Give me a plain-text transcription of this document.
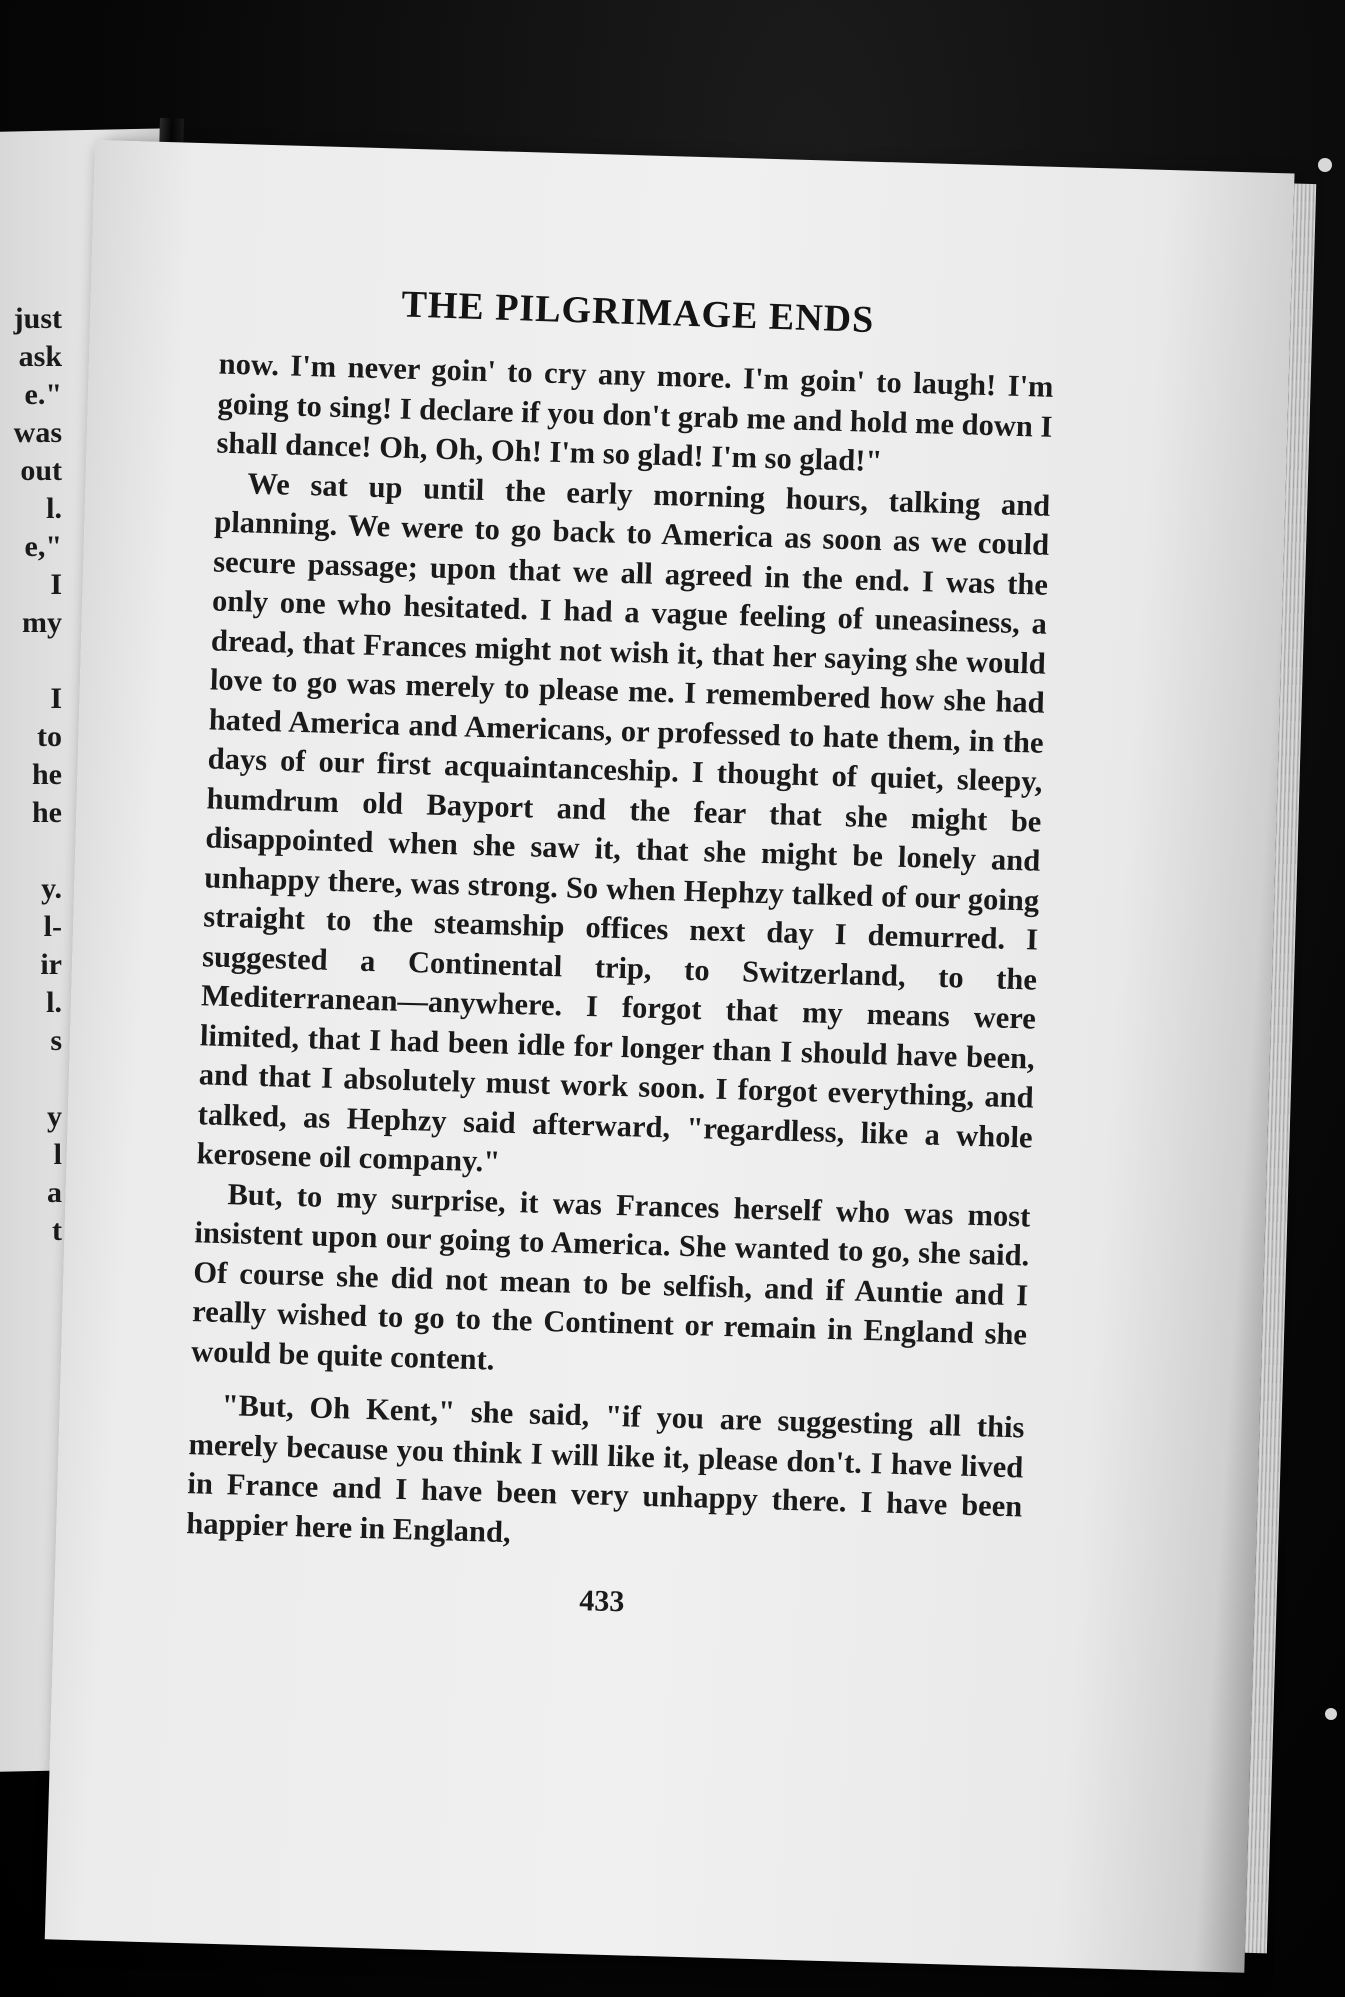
just
ask
e."
was
out
l.
e,"
I
my
I
to
he
he
y.
l-
ir
l.
s
y
l
a
t
THE PILGRIMAGE ENDS

now. I'm never goin' to cry any more. I'm goin' to laugh! I'm going to sing! I declare if you don't grab me and hold me down I shall dance! Oh, Oh, Oh! I'm so glad! I'm so glad!"

We sat up until the early morning hours, talking and planning. We were to go back to America as soon as we could secure passage; upon that we all agreed in the end. I was the only one who hesitated. I had a vague feeling of uneasiness, a dread, that Frances might not wish it, that her saying she would love to go was merely to please me. I remembered how she had hated America and Americans, or professed to hate them, in the days of our first acquaintanceship. I thought of quiet, sleepy, humdrum old Bayport and the fear that she might be disappointed when she saw it, that she might be lonely and unhappy there, was strong. So when Hephzy talked of our going straight to the steamship offices next day I demurred. I suggested a Continental trip, to Switzerland, to the Mediterranean—anywhere. I forgot that my means were limited, that I had been idle for longer than I should have been, and that I absolutely must work soon. I forgot everything, and talked, as Hephzy said afterward, "regardless, like a whole kerosene oil company."

But, to my surprise, it was Frances herself who was most insistent upon our going to America. She wanted to go, she said. Of course she did not mean to be selfish, and if Auntie and I really wished to go to the Continent or remain in England she would be quite content.

"But, Oh Kent," she said, "if you are suggesting all this merely because you think I will like it, please don't. I have lived in France and I have been very unhappy there. I have been happier here in England,

433
